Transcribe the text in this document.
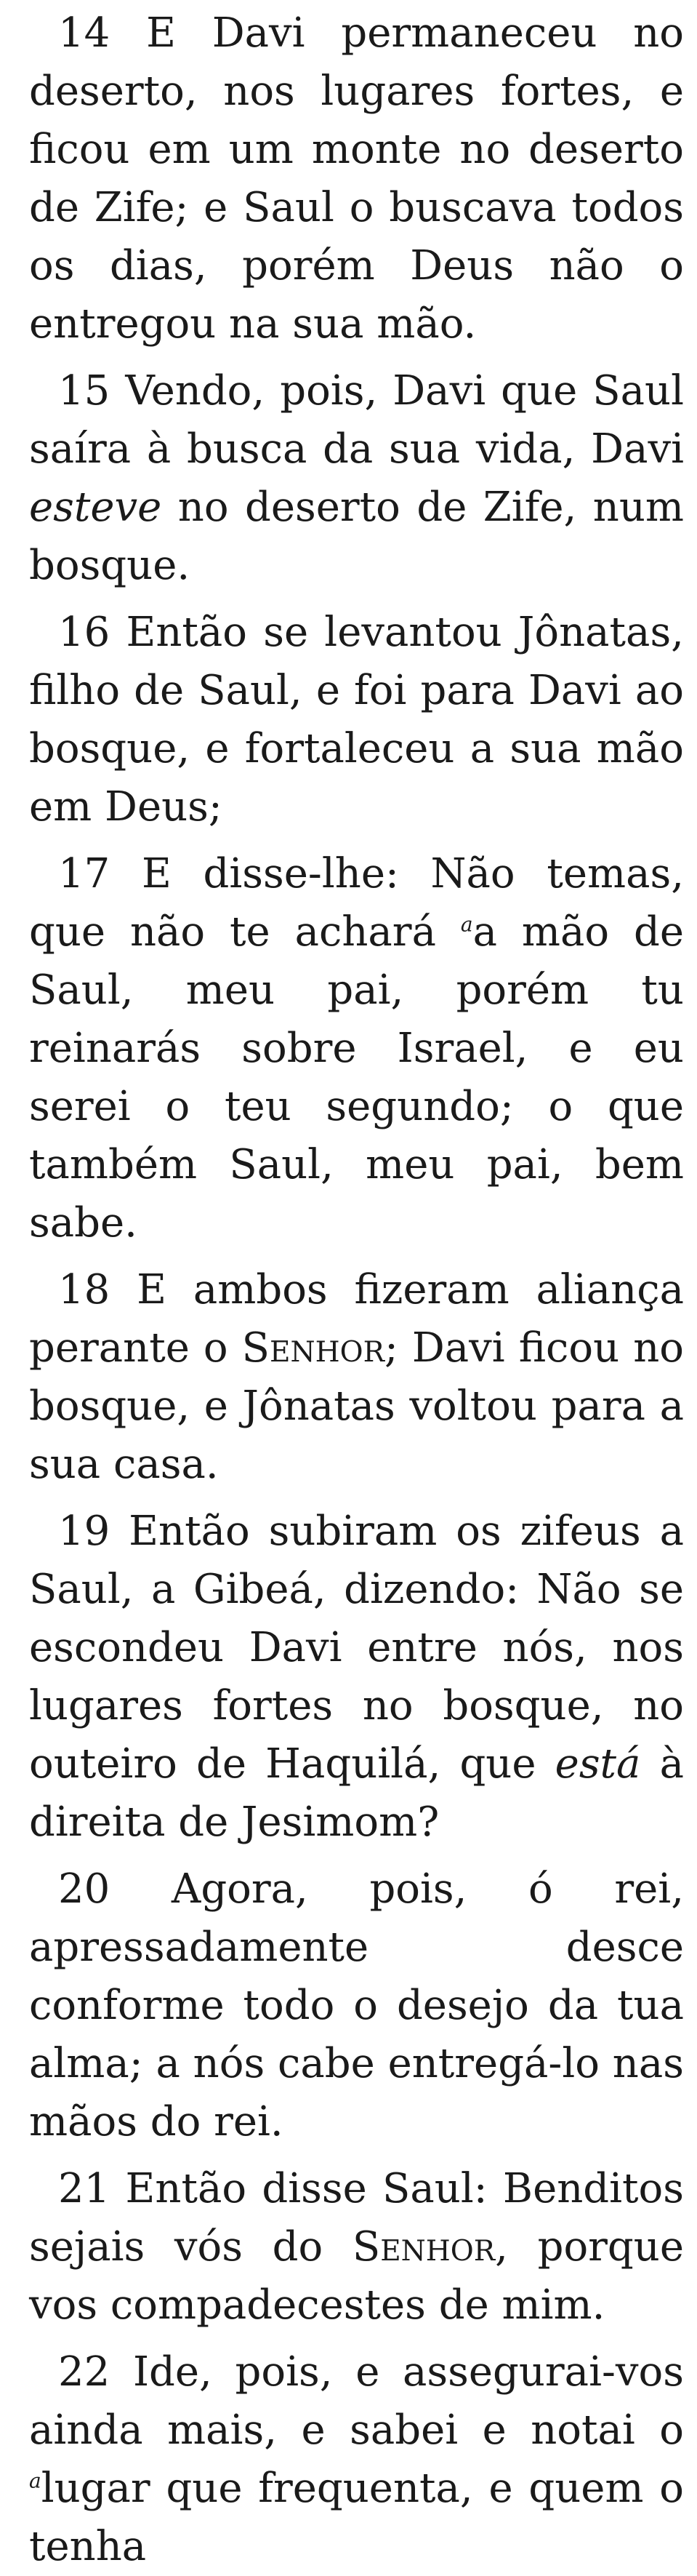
14 E Davi permaneceu no deserto, nos lugares fortes, e ficou em um monte no deserto de Zife; e Saul o buscava todos os dias, porém Deus não o entregou na sua mão.

15 Vendo, pois, Davi que Saul saíra à busca da sua vida, Davi esteve no deserto de Zife, num bosque.

16 Então se levantou Jônatas, filho de Saul, e foi para Davi ao bosque, e fortaleceu a sua mão em Deus;

17 E disse-lhe: Não temas, que não te achará $^a$a mão de Saul, meu pai, porém tu reinarás sobre Israel, e eu serei o teu segundo; o que também Saul, meu pai, bem sabe.

18 E ambos fizeram aliança perante o Senhor; Davi ficou no bosque, e Jônatas voltou para a sua casa.

19 Então subiram os zifeus a Saul, a Gibeá, dizendo: Não se escondeu Davi entre nós, nos lugares fortes no bosque, no outeiro de Haquilá, que está à direita de Jesimom?

20 Agora, pois, ó rei, apressadamente desce conforme todo o desejo da tua alma; a nós cabe entregá-lo nas mãos do rei.

21 Então disse Saul: Benditos sejais vós do Senhor, porque vos compadecestes de mim.

22 Ide, pois, e assegurai-vos ainda mais, e sabei e notai o $^a$lugar que frequenta, e quem o tenha
